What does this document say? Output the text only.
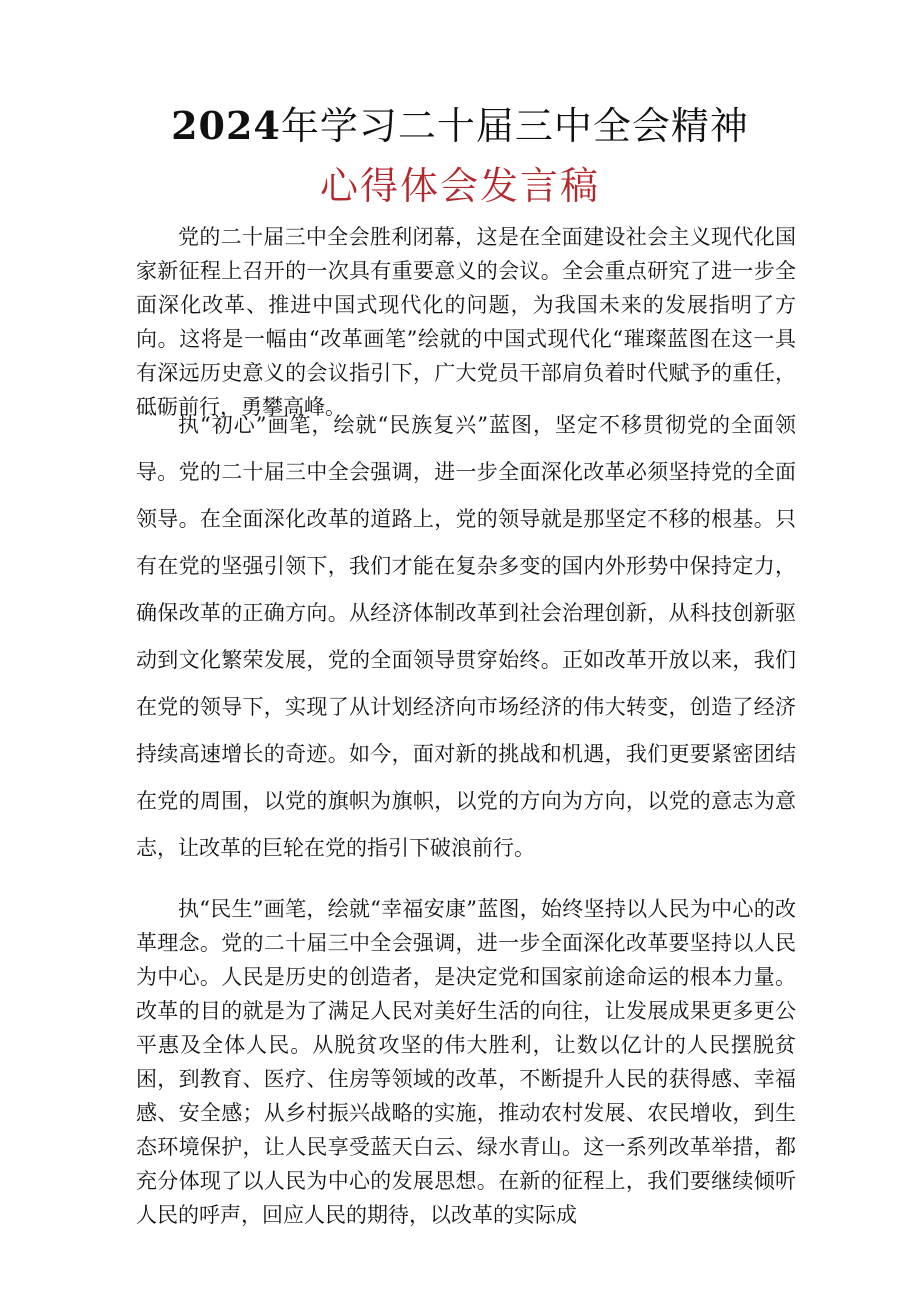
2024年学习二十届三中全会精神
心得体会发言稿

党的二十届三中全会胜利闭幕，这是在全面建设社会主义现代化国家新征程上召开的一次具有重要意义的会议。全会重点研究了进一步全面深化改革、推进中国式现代化的问题，为我国未来的发展指明了方向。这将是一幅由“改革画笔”绘就的中国式现代化“璀璨蓝图在这一具有深远历史意义的会议指引下，广大党员干部肩负着时代赋予的重任，砥砺前行，勇攀高峰。

执“初心”画笔，绘就“民族复兴”蓝图，坚定不移贯彻党的全面领导。党的二十届三中全会强调，进一步全面深化改革必须坚持党的全面领导。在全面深化改革的道路上，党的领导就是那坚定不移的根基。只有在党的坚强引领下，我们才能在复杂多变的国内外形势中保持定力，确保改革的正确方向。从经济体制改革到社会治理创新，从科技创新驱动到文化繁荣发展，党的全面领导贯穿始终。正如改革开放以来，我们在党的领导下，实现了从计划经济向市场经济的伟大转变，创造了经济持续高速增长的奇迹。如今，面对新的挑战和机遇，我们更要紧密团结在党的周围，以党的旗帜为旗帜，以党的方向为方向，以党的意志为意志，让改革的巨轮在党的指引下破浪前行。

执“民生”画笔，绘就“幸福安康”蓝图，始终坚持以人民为中心的改革理念。党的二十届三中全会强调，进一步全面深化改革要坚持以人民为中心。人民是历史的创造者，是决定党和国家前途命运的根本力量。改革的目的就是为了满足人民对美好生活的向往，让发展成果更多更公平惠及全体人民。从脱贫攻坚的伟大胜利，让数以亿计的人民摆脱贫困，到教育、医疗、住房等领域的改革，不断提升人民的获得感、幸福感、安全感；从乡村振兴战略的实施，推动农村发展、农民增收，到生态环境保护，让人民享受蓝天白云、绿水青山。这一系列改革举措，都充分体现了以人民为中心的发展思想。在新的征程上，我们要继续倾听人民的呼声，回应人民的期待，以改革的实际成
